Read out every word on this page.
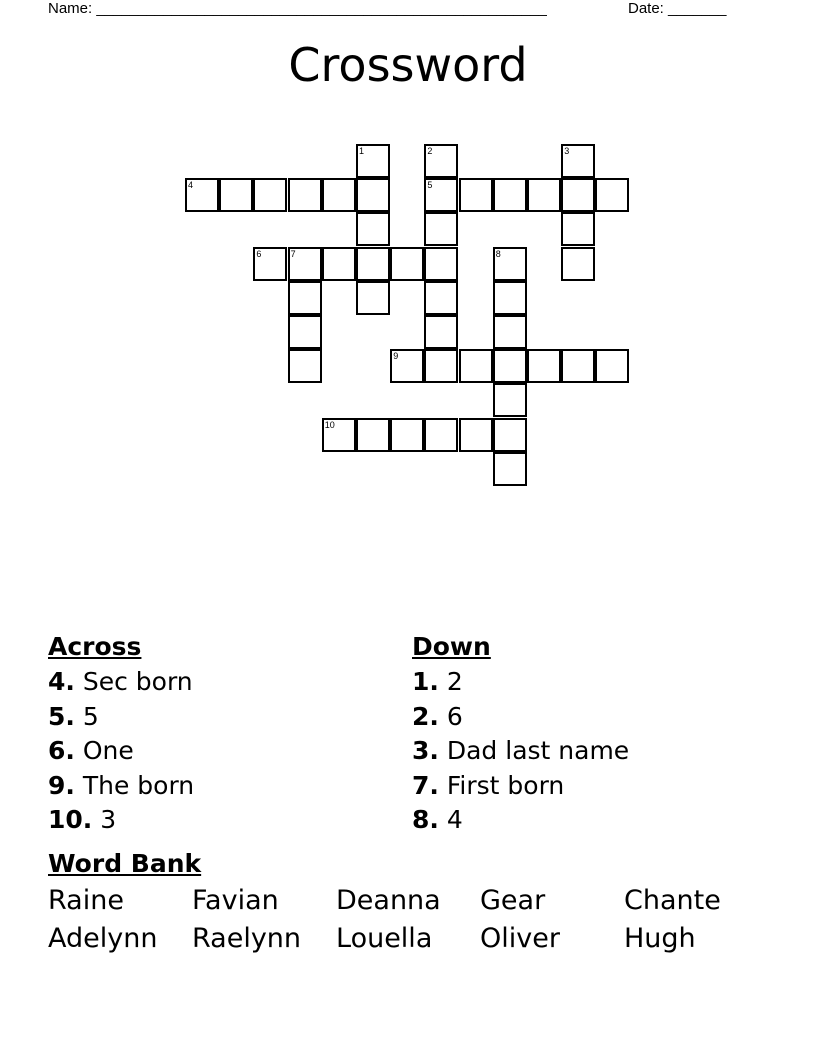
Name: ______________________________________________________	Date: _______
Crossword
1	2
5
3
4
6	7	8
9
10
Across
4. Sec born
5. 5
6. One
9. The born
10. 3
Down
1. 2
2. 6
3. Dad last name
7. First born
8. 4
Word Bank
Raine	Favian	Deanna	Gear	Chante
Adelynn	Raelynn	Louella	Oliver	Hugh
